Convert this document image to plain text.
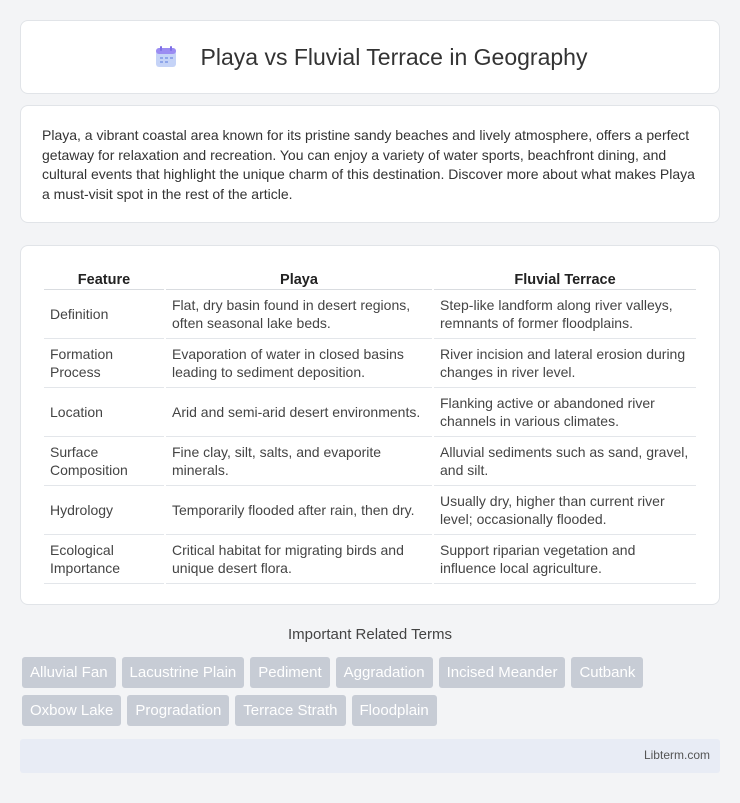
Playa vs Fluvial Terrace in Geography

Playa, a vibrant coastal area known for its pristine sandy beaches and lively atmosphere, offers a perfect getaway for relaxation and recreation. You can enjoy a variety of water sports, beachfront dining, and cultural events that highlight the unique charm of this destination. Discover more about what makes Playa a must-visit spot in the rest of the article.

Feature	Playa	Fluvial Terrace
Definition	Flat, dry basin found in desert regions, often seasonal lake beds.	Step-like landform along river valleys, remnants of former floodplains.
Formation Process	Evaporation of water in closed basins leading to sediment deposition.	River incision and lateral erosion during changes in river level.
Location	Arid and semi-arid desert environments.	Flanking active or abandoned river channels in various climates.
Surface Composition	Fine clay, silt, salts, and evaporite minerals.	Alluvial sediments such as sand, gravel, and silt.
Hydrology	Temporarily flooded after rain, then dry.	Usually dry, higher than current river level; occasionally flooded.
Ecological Importance	Critical habitat for migrating birds and unique desert flora.	Support riparian vegetation and influence local agriculture.
Important Related Terms
Alluvial Fan	Lacustrine Plain	Pediment	Aggradation	Incised Meander	Cutbank
Oxbow Lake	Progradation	Terrace Strath	Floodplain
Libterm.com
